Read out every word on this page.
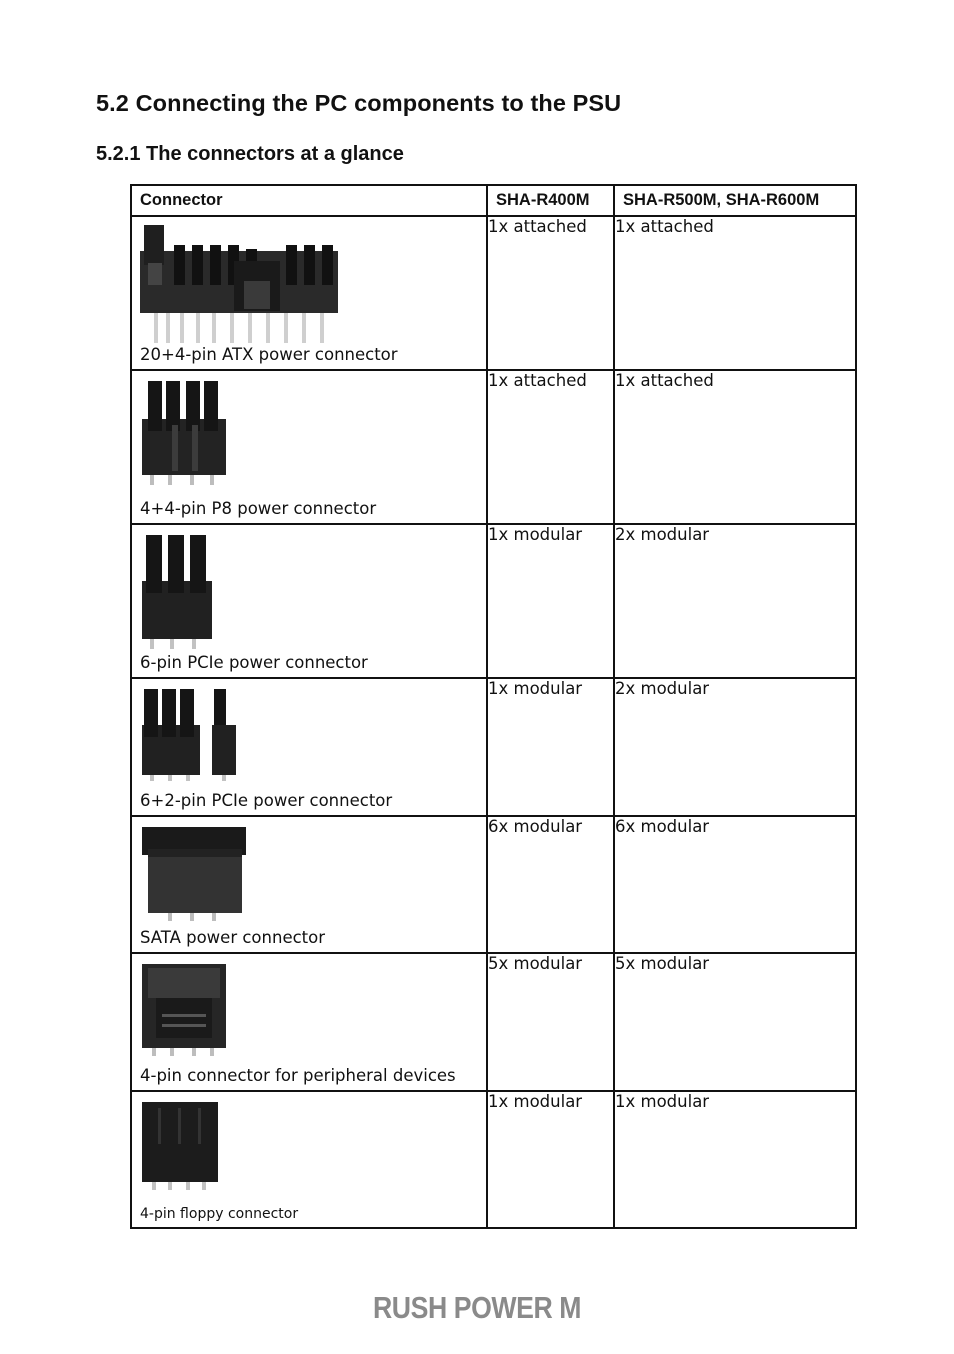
5.2 Connecting the PC components to the PSU
5.2.1 The connectors at a glance
Connector	SHA-R400M	SHA-R500M, SHA-R600M

20+4-pin ATX power connector	1x attached	1x attached

4+4-pin P8 power connector	1x attached	1x attached

6-pin PCIe power connector	1x modular	2x modular

6+2-pin PCIe power connector	1x modular	2x modular

SATA power connector	6x modular	6x modular

4-pin connector for peripheral devices	5x modular	5x modular

4-pin floppy connector	1x modular	1x modular
RUSH POWER M
